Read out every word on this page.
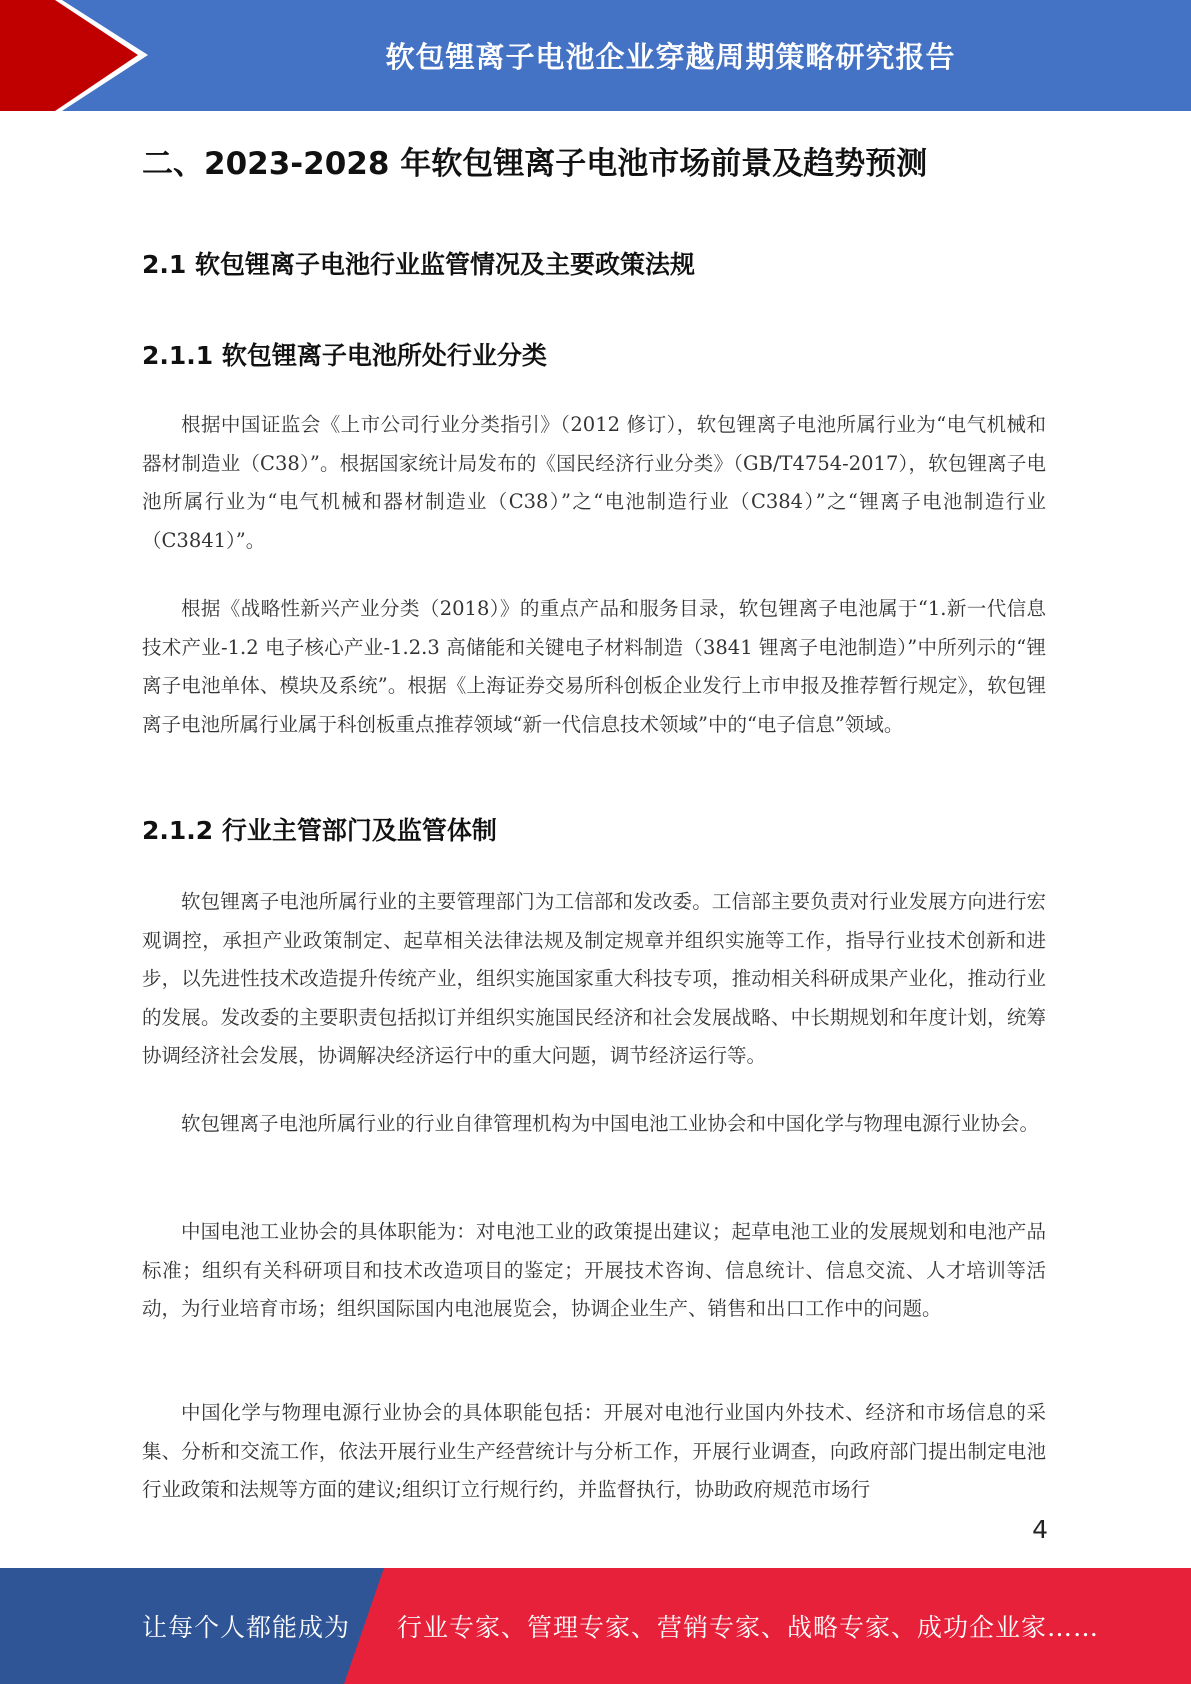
软包锂离子电池企业穿越周期策略研究报告
二、2023-2028 年软包锂离子电池市场前景及趋势预测
2.1 软包锂离子电池行业监管情况及主要政策法规
2.1.1 软包锂离子电池所处行业分类

根据中国证监会《上市公司行业分类指引》（2012 修订），软包锂离子电池所属行业为“电气机械和器材制造业（C38）”。根据国家统计局发布的《国民经济行业分类》（GB/T4754-2017），软包锂离子电池所属行业为“电气机械和器材制造业（C38）”之“电池制造行业（C384）”之“锂离子电池制造行业（C3841）”。

根据《战略性新兴产业分类（2018）》的重点产品和服务目录，软包锂离子电池属于“1.新一代信息技术产业-1.2 电子核心产业-1.2.3 高储能和关键电子材料制造（3841 锂离子电池制造）”中所列示的“锂离子电池单体、模块及系统”。根据《上海证券交易所科创板企业发行上市申报及推荐暂行规定》，软包锂离子电池所属行业属于科创板重点推荐领域“新一代信息技术领域”中的“电子信息”领域。

2.1.2 行业主管部门及监管体制

软包锂离子电池所属行业的主要管理部门为工信部和发改委。工信部主要负责对行业发展方向进行宏观调控，承担产业政策制定、起草相关法律法规及制定规章并组织实施等工作，指导行业技术创新和进步，以先进性技术改造提升传统产业，组织实施国家重大科技专项，推动相关科研成果产业化，推动行业的发展。发改委的主要职责包括拟订并组织实施国民经济和社会发展战略、中长期规划和年度计划，统筹协调经济社会发展，协调解决经济运行中的重大问题，调节经济运行等。

软包锂离子电池所属行业的行业自律管理机构为中国电池工业协会和中国化学与物理电源行业协会。

中国电池工业协会的具体职能为：对电池工业的政策提出建议；起草电池工业的发展规划和电池产品标准；组织有关科研项目和技术改造项目的鉴定；开展技术咨询、信息统计、信息交流、人才培训等活动，为行业培育市场；组织国际国内电池展览会，协调企业生产、销售和出口工作中的问题。

中国化学与物理电源行业协会的具体职能包括：开展对电池行业国内外技术、经济和市场信息的采集、分析和交流工作，依法开展行业生产经营统计与分析工作，开展行业调查，向政府部门提出制定电池行业政策和法规等方面的建议;组织订立行规行约，并监督执行，协助政府规范市场行

4
让每个人都能成为 行业专家、管理专家、营销专家、战略专家、成功企业家……
